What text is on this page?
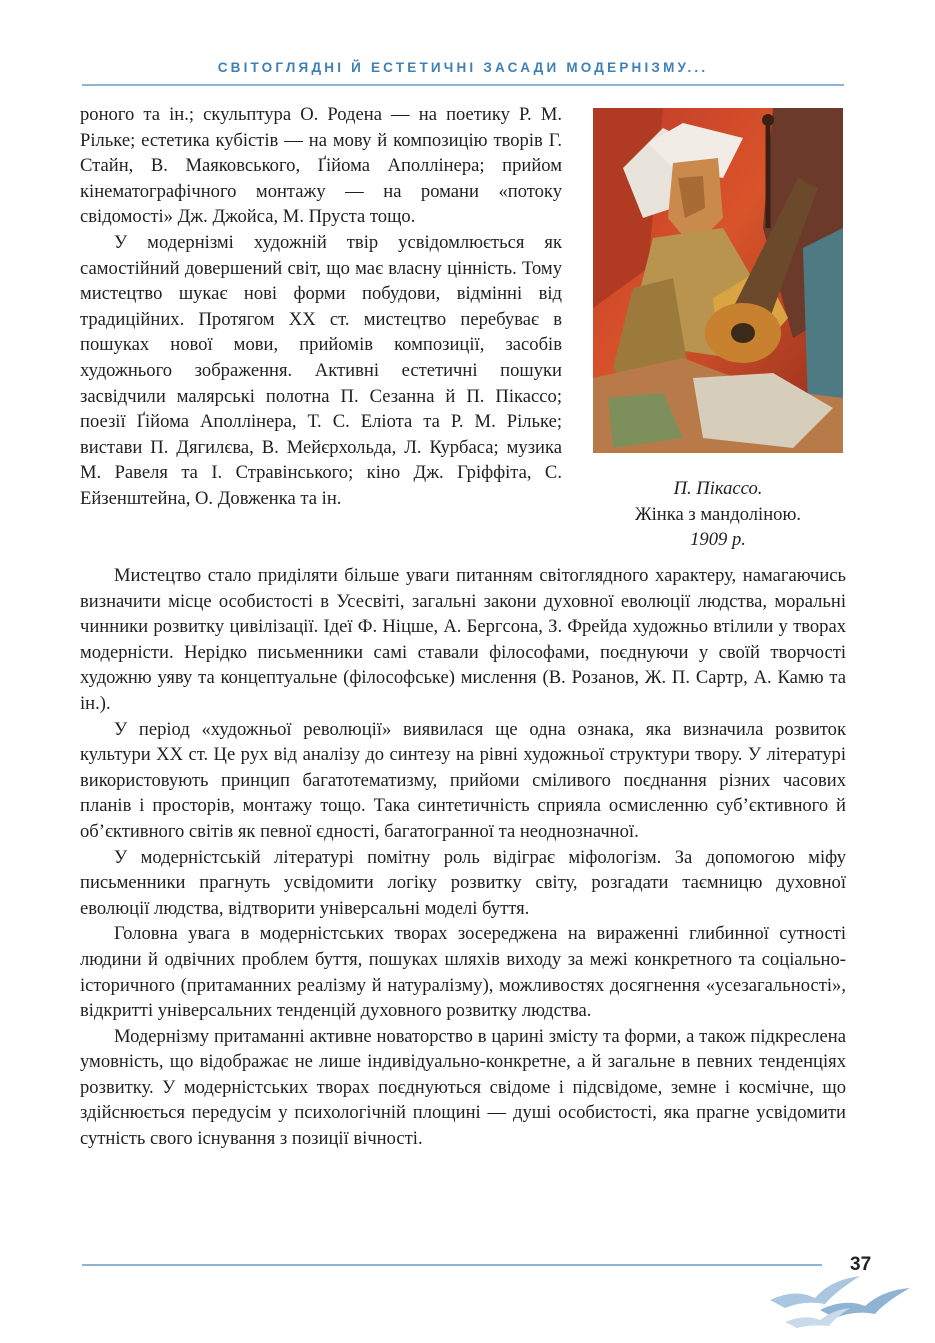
СВІТОГЛЯДНІ Й ЕСТЕТИЧНІ ЗАСАДИ МОДЕРНІЗМУ...

роного та ін.; скульптура О. Родена — на поетику Р. М. Рільке; естетика кубістів — на мову й композицію творів Г. Стайн, В. Маяковського, Ґійома Аполлінера; прийом кінематографічного монтажу — на романи «потоку свідомості» Дж. Джойса, М. Пруста тощо.

У модернізмі художній твір усвідомлюється як самостійний довершений світ, що має власну цінність. Тому мистецтво шукає нові форми побудови, відмінні від традиційних. Протягом XX ст. мистецтво перебуває в пошуках нової мови, прийомів композиції, засобів художнього зображення. Активні естетичні пошуки засвідчили малярські полотна П. Сезанна й П. Пікассо; поезії Ґійома Аполлінера, Т. С. Еліота та Р. М. Рільке; вистави П. Дягилєва, В. Мейєрхольда, Л. Курбаса; музика М. Равеля та І. Стравінського; кіно Дж. Гріффіта, С. Ейзенштейна, О. Довженка та ін.	П. Пікассо.
Жінка з мандоліною.
1909 р.

Мистецтво стало приділяти більше уваги питанням світоглядного характеру, намагаючись визначити місце особистості в Усесвіті, загальні закони духовної еволюції людства, моральні чинники розвитку цивілізації. Ідеї Ф. Ніцше, А. Бергсона, З. Фрейда художньо втілили у творах модерністи. Нерідко письменники самі ставали філософами, поєднуючи у своїй творчості художню уяву та концептуальне (філософське) мислення (В. Розанов, Ж. П. Сартр, А. Камю та ін.).

У період «художньої революції» виявилася ще одна ознака, яка визначила розвиток культури XX ст. Це рух від аналізу до синтезу на рівні художньої структури твору. У літературі використовують принцип багатотематизму, прийоми сміливого поєднання різних часових планів і просторів, монтажу тощо. Така синтетичність сприяла осмисленню суб’єктивного й об’єктивного світів як певної єдності, багатогранної та неоднозначної.

У модерністській літературі помітну роль відіграє міфологізм. За допомогою міфу письменники прагнуть усвідомити логіку розвитку світу, розгадати таємницю духовної еволюції людства, відтворити універсальні моделі буття.

Головна увага в модерністських творах зосереджена на вираженні глибинної сутності людини й одвічних проблем буття, пошуках шляхів виходу за межі конкретного та соціально-історичного (притаманних реалізму й натуралізму), можливостях досягнення «усезагальності», відкритті універсальних тенденцій духовного розвитку людства.

Модернізму притаманні активне новаторство в царині змісту та форми, а також підкреслена умовність, що відображає не лише індивідуально-конкретне, а й загальне в певних тенденціях розвитку. У модерністських творах поєднуються свідоме і підсвідоме, земне і космічне, що здійснюється передусім у психологічній площині — душі особистості, яка прагне усвідомити сутність свого існування з позиції вічності.

37
